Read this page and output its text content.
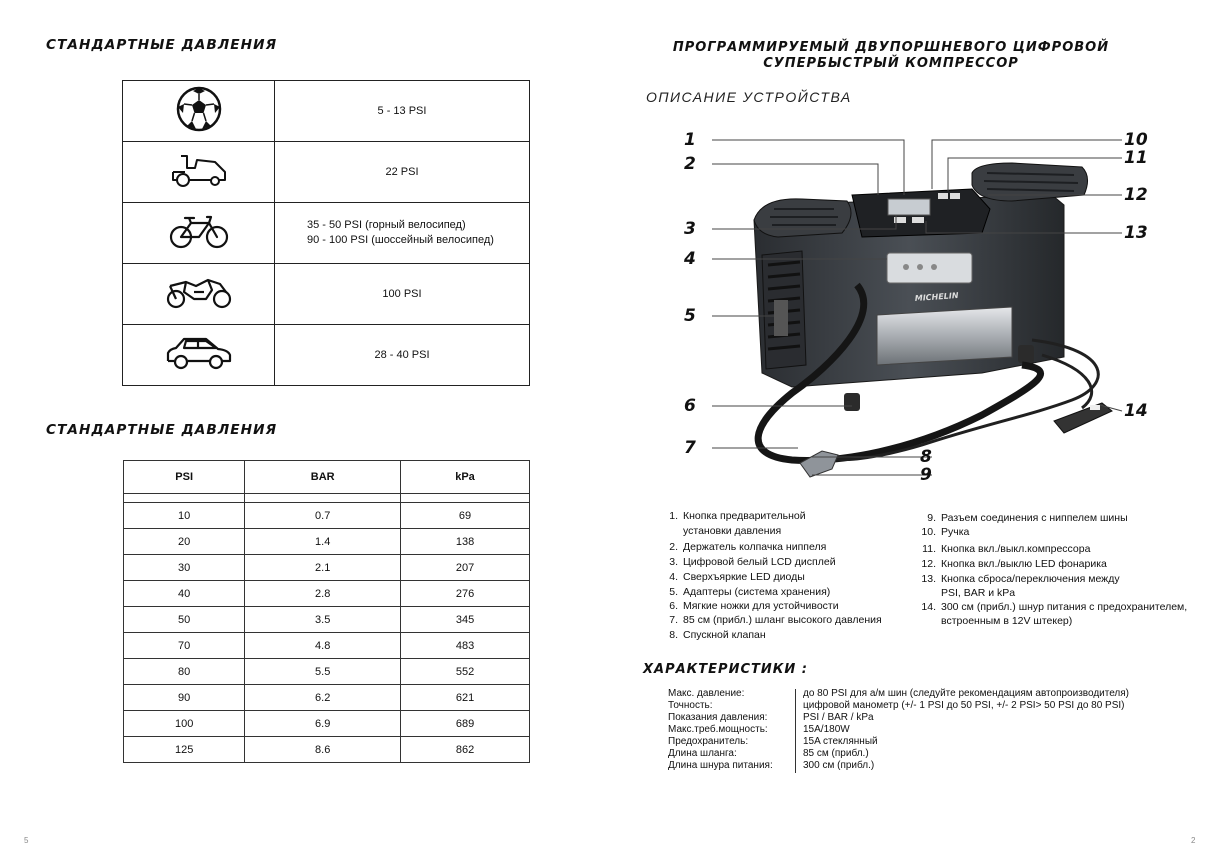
СТАНДАРТНЫЕ ДАВЛЕНИЯ

5 - 13 PSI

22 PSI

35 - 50 PSI (горный велосипед)
90 - 100 PSI (шоссейный велосипед)

100 PSI

28 - 40 PSI
СТАНДАРТНЫЕ ДАВЛЕНИЯ
PSI	BAR	kPa

10	0.7	69
20	1.4	138
30	2.1	207
40	2.8	276
50	3.5	345
70	4.8	483
80	5.5	552
90	6.2	621
100	6.9	689
125	8.6	862
5
ПРОГРАММИРУЕМЫЙ ДВУПОРШНЕВОГО ЦИФРОВОЙ
СУПЕРБЫСТРЫЙ КОМПРЕССОР
ОПИСАНИЕ УСТРОЙСТВА
MICHELIN
1
2
3
4
5
6
7	8
9
10
11
12
13
14
1. Кнопка предварительной
установки давления
2. Держатель колпачка ниппеля
3. Цифровой белый LCD дисплей
4. Сверхъяркие LED диоды
5. Адаптеры (система хранения)
6. Мягкие ножки для устойчивости
7. 85 см (прибл.) шланг высокого давления
8. Спускной клапан
9. Разъем соединения с ниппелем шины
10. Ручка
11. Кнопка вкл./выкл.компрессора
12. Кнопка вкл./выклю LED фонарика
13. Кнопка сброса/переключения между
PSI, BAR и kPa
14. 300 см (прибл.) шнур питания с предохранителем,
встроенным в 12V штекер)
ХАРАКТЕРИСТИКИ :
Макс. давление:	до 80 PSI для а/м шин (следуйте рекомендациям автопроизводителя)
Точность:	цифровой манометр (+/- 1 PSI до 50 PSI, +/- 2 PSI> 50 PSI до 80 PSI)
Показания давления:	PSI / BAR / kPa
Макс.треб.мощность:	15A/180W
Предохранитель:	15A стеклянный
Длина шланга:	85 см (прибл.)
Длина шнура питания:	300 см (прибл.)
2
